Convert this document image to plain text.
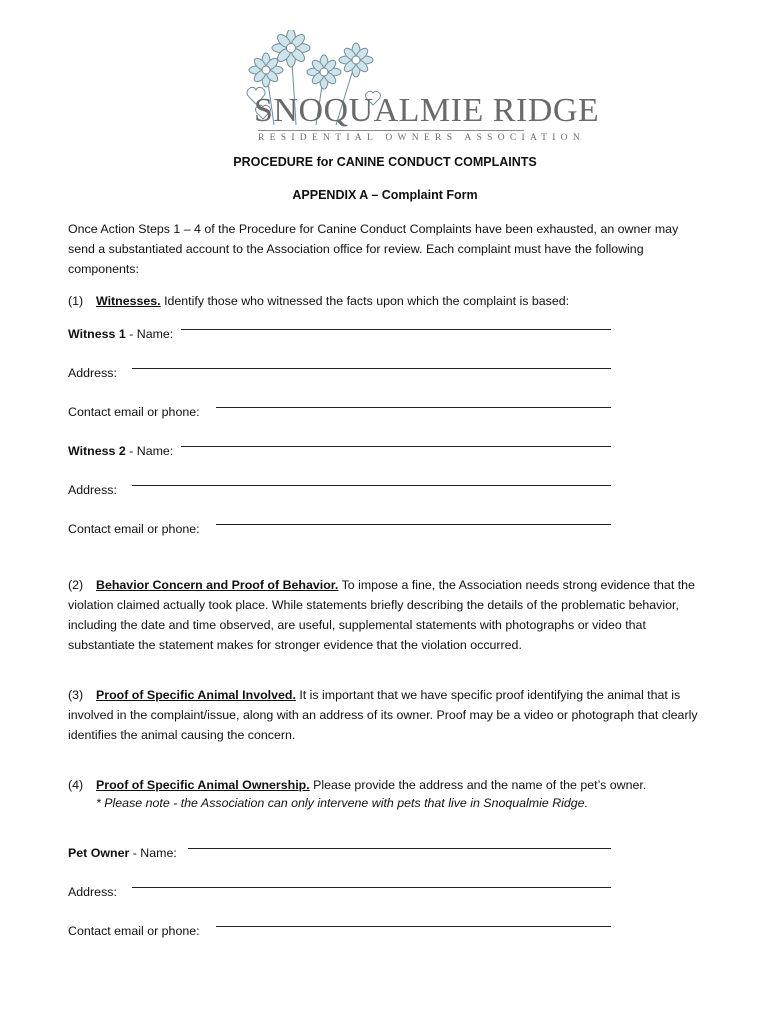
SNOQUALMIE RIDGE
RESIDENTIAL OWNERS ASSOCIATION
PROCEDURE for CANINE CONDUCT COMPLAINTS
APPENDIX A – Complaint Form
Once Action Steps 1 – 4 of the Procedure for Canine Conduct Complaints have been exhausted, an owner may send a substantiated account to the Association office for review. Each complaint must have the following components:
(1) Witnesses. Identify those who witnessed the facts upon which the complaint is based:
Witness 1 - Name:
Address:
Contact email or phone:
Witness 2 - Name:
Address:
Contact email or phone:
(2) Behavior Concern and Proof of Behavior. To impose a fine, the Association needs strong evidence that the violation claimed actually took place. While statements briefly describing the details of the problematic behavior, including the date and time observed, are useful, supplemental statements with photographs or video that substantiate the statement makes for stronger evidence that the violation occurred.
(3) Proof of Specific Animal Involved. It is important that we have specific proof identifying the animal that is involved in the complaint/issue, along with an address of its owner. Proof may be a video or photograph that clearly identifies the animal causing the concern.
(4) Proof of Specific Animal Ownership. Please provide the address and the name of the pet’s owner.
* Please note - the Association can only intervene with pets that live in Snoqualmie Ridge.
Pet Owner - Name:
Address:
Contact email or phone:
